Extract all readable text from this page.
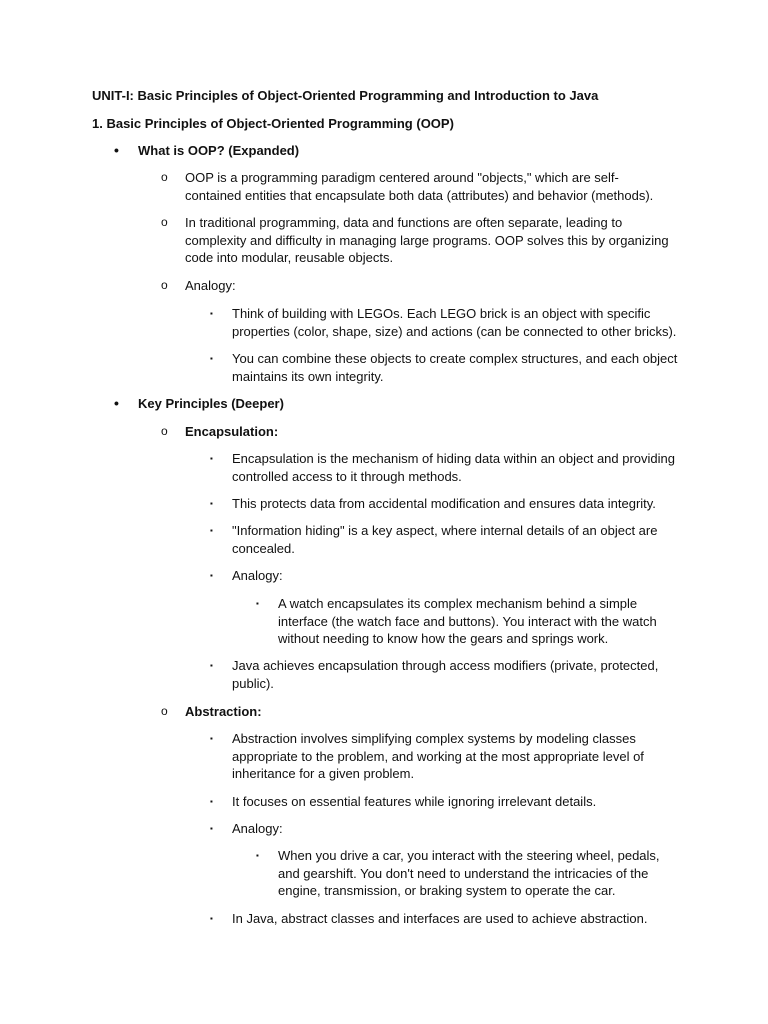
UNIT-I: Basic Principles of Object-Oriented Programming and Introduction to Java
1. Basic Principles of Object-Oriented Programming (OOP)
• What is OOP? (Expanded)
o OOP is a programming paradigm centered around "objects," which are self-contained entities that encapsulate both data (attributes) and behavior (methods).
o In traditional programming, data and functions are often separate, leading to complexity and difficulty in managing large programs. OOP solves this by organizing code into modular, reusable objects.
o Analogy:
▪ Think of building with LEGOs. Each LEGO brick is an object with specific properties (color, shape, size) and actions (can be connected to other bricks).
▪ You can combine these objects to create complex structures, and each object maintains its own integrity.
• Key Principles (Deeper)
o Encapsulation:
▪ Encapsulation is the mechanism of hiding data within an object and providing controlled access to it through methods.
▪ This protects data from accidental modification and ensures data integrity.
▪ "Information hiding" is a key aspect, where internal details of an object are concealed.
▪ Analogy:
▪ A watch encapsulates its complex mechanism behind a simple interface (the watch face and buttons). You interact with the watch without needing to know how the gears and springs work.
▪ Java achieves encapsulation through access modifiers (private, protected, public).
o Abstraction:
▪ Abstraction involves simplifying complex systems by modeling classes appropriate to the problem, and working at the most appropriate level of inheritance for a given problem.
▪ It focuses on essential features while ignoring irrelevant details.
▪ Analogy:
▪ When you drive a car, you interact with the steering wheel, pedals, and gearshift. You don't need to understand the intricacies of the engine, transmission, or braking system to operate the car.
▪ In Java, abstract classes and interfaces are used to achieve abstraction.
